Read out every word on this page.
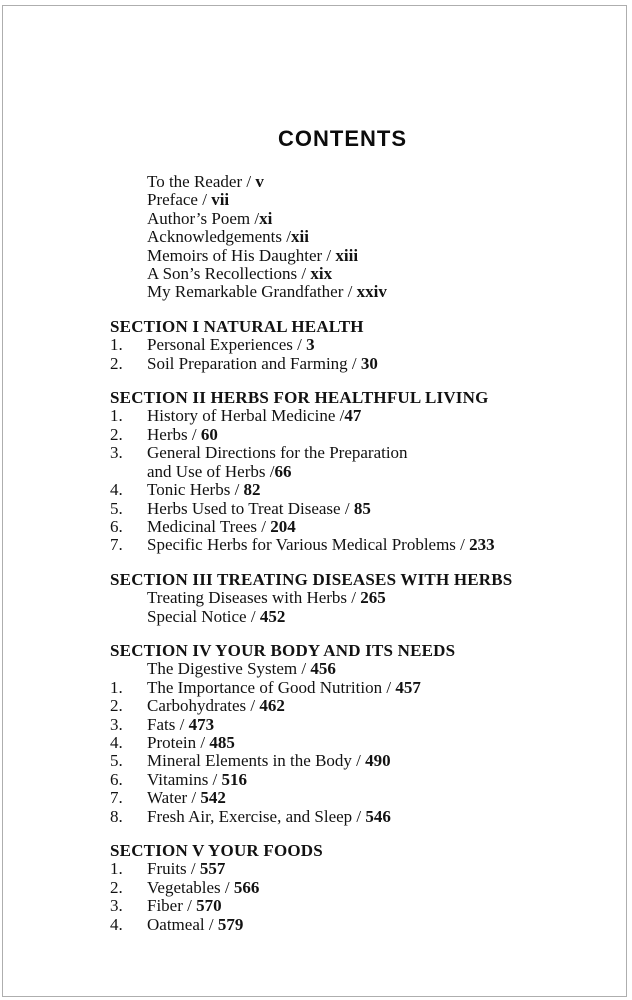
CONTENTS
To the Reader / v
Preface / vii
Author’s Poem /xi
Acknowledgements /xii
Memoirs of His Daughter / xiii
A Son’s Recollections / xix
My Remarkable Grandfather / xxiv
SECTION I NATURAL HEALTH
1. Personal Experiences / 3
2. Soil Preparation and Farming / 30
SECTION II HERBS FOR HEALTHFUL LIVING
1. History of Herbal Medicine /47
2. Herbs / 60
3. General Directions for the Preparation
and Use of Herbs /66
4. Tonic Herbs / 82
5. Herbs Used to Treat Disease / 85
6. Medicinal Trees / 204
7. Specific Herbs for Various Medical Problems / 233
SECTION III TREATING DISEASES WITH HERBS
Treating Diseases with Herbs / 265
Special Notice / 452
SECTION IV YOUR BODY AND ITS NEEDS
The Digestive System / 456
1. The Importance of Good Nutrition / 457
2. Carbohydrates / 462
3. Fats / 473
4. Protein / 485
5. Mineral Elements in the Body / 490
6. Vitamins / 516
7. Water / 542
8. Fresh Air, Exercise, and Sleep / 546
SECTION V YOUR FOODS
1. Fruits / 557
2. Vegetables / 566
3. Fiber / 570
4. Oatmeal / 579
